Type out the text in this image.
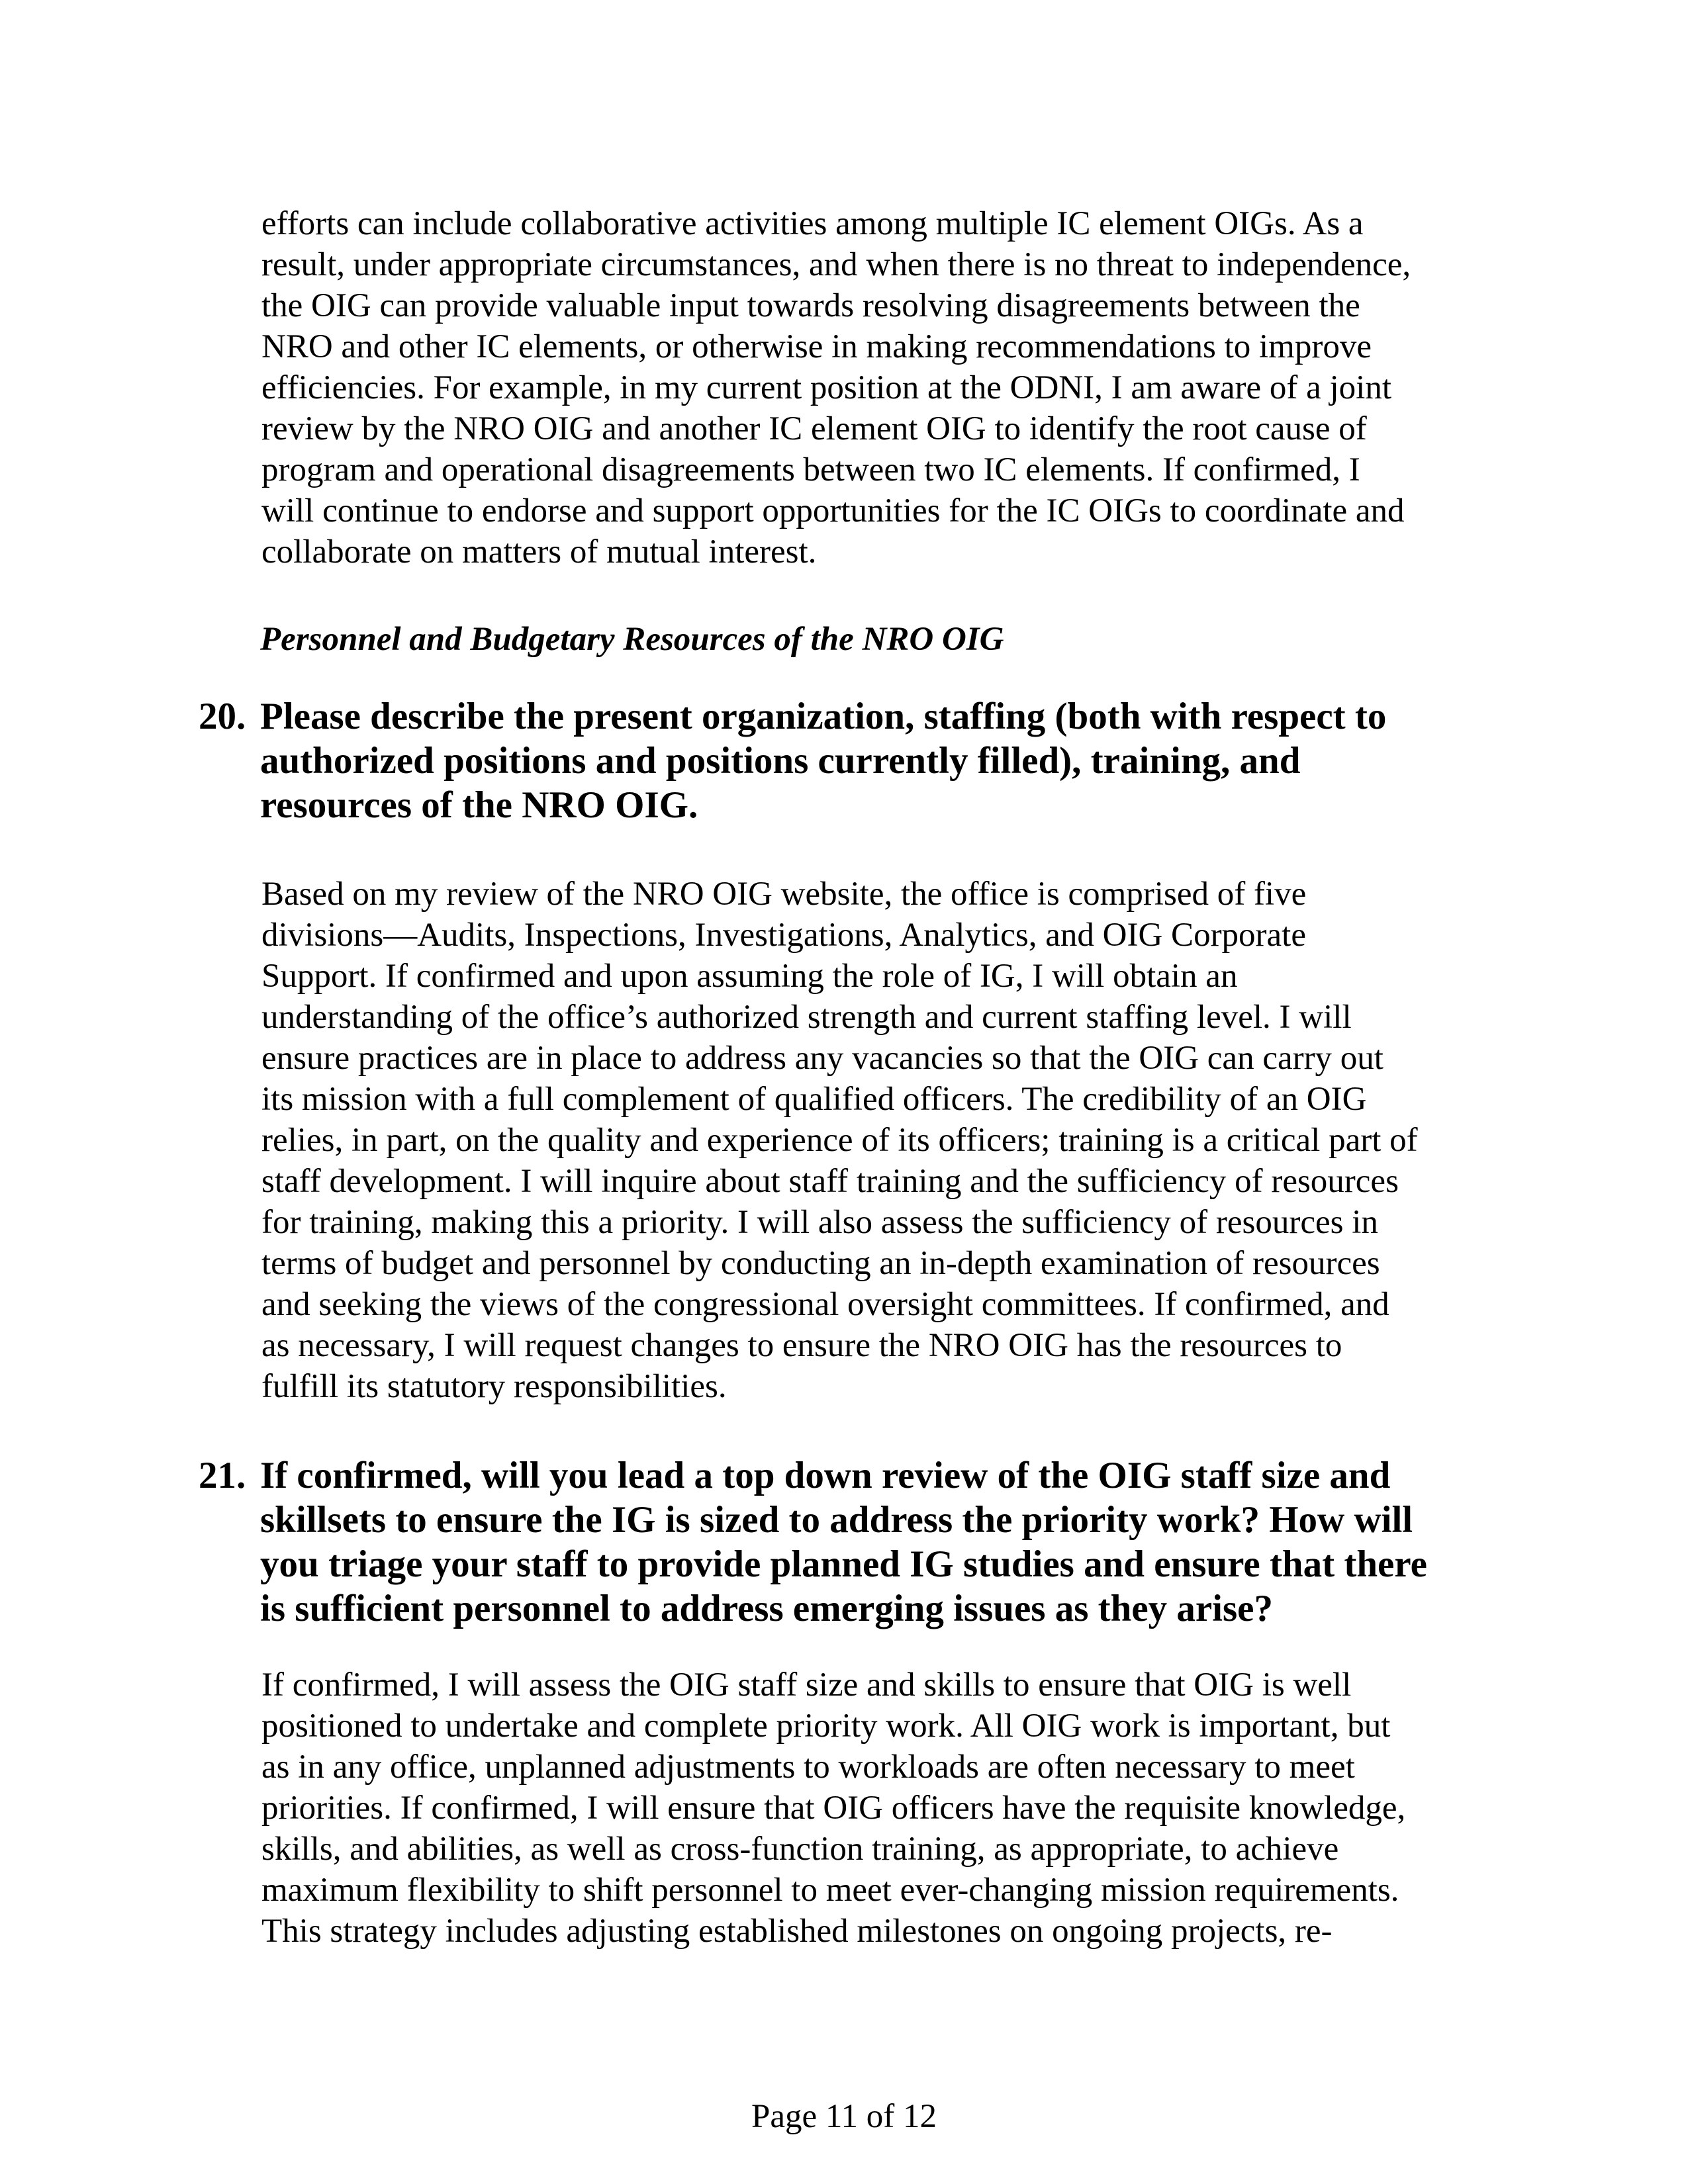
efforts can include collaborative activities among multiple IC element OIGs. As a
result, under appropriate circumstances, and when there is no threat to independence,
the OIG can provide valuable input towards resolving disagreements between the
NRO and other IC elements, or otherwise in making recommendations to improve
efficiencies. For example, in my current position at the ODNI, I am aware of a joint
review by the NRO OIG and another IC element OIG to identify the root cause of
program and operational disagreements between two IC elements. If confirmed, I
will continue to endorse and support opportunities for the IC OIGs to coordinate and
collaborate on matters of mutual interest.
Personnel and Budgetary Resources of the NRO OIG
20. Please describe the present organization, staffing (both with respect to
authorized positions and positions currently filled), training, and
resources of the NRO OIG.
Based on my review of the NRO OIG website, the office is comprised of five
divisions—Audits, Inspections, Investigations, Analytics, and OIG Corporate
Support. If confirmed and upon assuming the role of IG, I will obtain an
understanding of the office’s authorized strength and current staffing level. I will
ensure practices are in place to address any vacancies so that the OIG can carry out
its mission with a full complement of qualified officers. The credibility of an OIG
relies, in part, on the quality and experience of its officers; training is a critical part of
staff development. I will inquire about staff training and the sufficiency of resources
for training, making this a priority. I will also assess the sufficiency of resources in
terms of budget and personnel by conducting an in-depth examination of resources
and seeking the views of the congressional oversight committees. If confirmed, and
as necessary, I will request changes to ensure the NRO OIG has the resources to
fulfill its statutory responsibilities.
21. If confirmed, will you lead a top down review of the OIG staff size and
skillsets to ensure the IG is sized to address the priority work? How will
you triage your staff to provide planned IG studies and ensure that there
is sufficient personnel to address emerging issues as they arise?
If confirmed, I will assess the OIG staff size and skills to ensure that OIG is well
positioned to undertake and complete priority work. All OIG work is important, but
as in any office, unplanned adjustments to workloads are often necessary to meet
priorities. If confirmed, I will ensure that OIG officers have the requisite knowledge,
skills, and abilities, as well as cross-function training, as appropriate, to achieve
maximum flexibility to shift personnel to meet ever-changing mission requirements.
This strategy includes adjusting established milestones on ongoing projects, re-
Page 11 of 12
